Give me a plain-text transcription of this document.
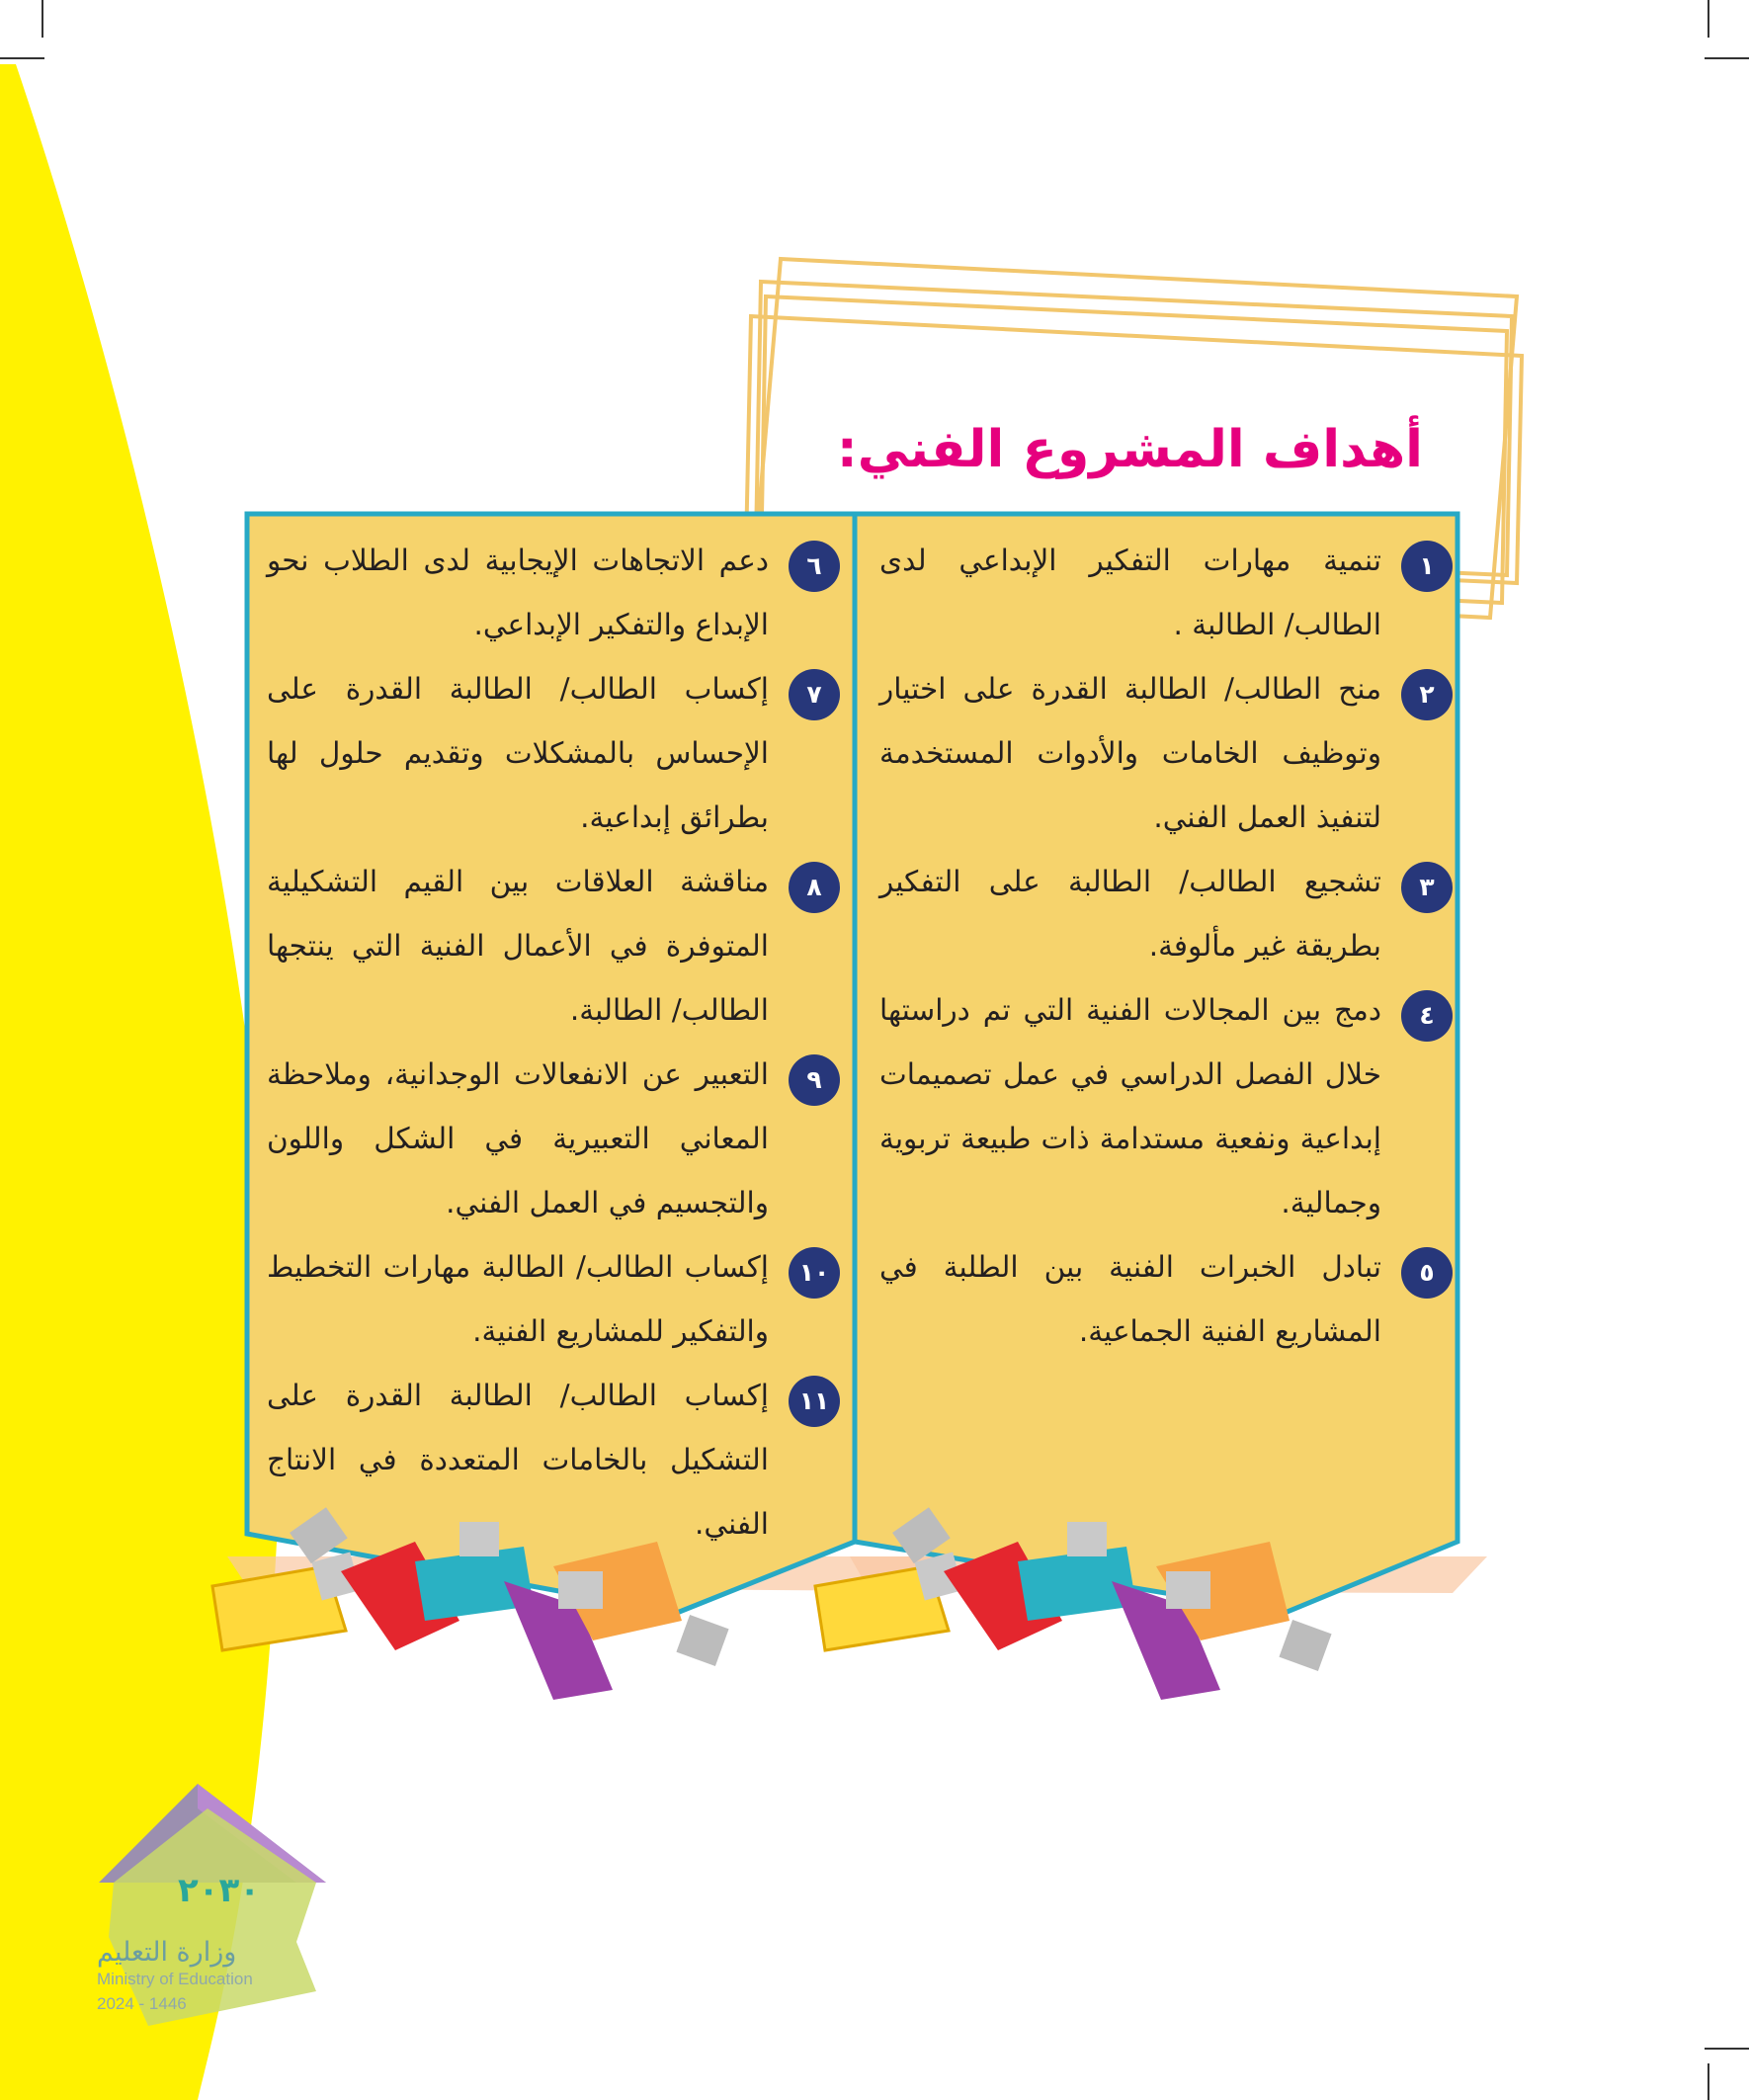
أهداف المشروع الفني:
١
تنمية مهارات التفكير الإبداعي لدى الطالب/ الطالبة .
٢
منح الطالب/ الطالبة القدرة على اختيار وتوظيف الخامات والأدوات المستخدمة لتنفيذ العمل الفني.
٣
تشجيع الطالب/ الطالبة على التفكير بطريقة غير مألوفة.
٤
دمج بين المجالات الفنية التي تم دراستها خلال الفصل الدراسي في عمل تصميمات إبداعية ونفعية مستدامة ذات طبيعة تربوية وجمالية.
٥
تبادل الخبرات الفنية بين الطلبة في المشاريع الفنية الجماعية.
٦
دعم الاتجاهات الإيجابية لدى الطلاب نحو الإبداع والتفكير الإبداعي.
٧
إكساب الطالب/ الطالبة القدرة على الإحساس بالمشكلات وتقديم حلول لها بطرائق إبداعية.
٨
مناقشة العلاقات بين القيم التشكيلية المتوفرة في الأعمال الفنية التي ينتجها الطالب/ الطالبة.
٩
التعبير عن الانفعالات الوجدانية، وملاحظة المعاني التعبيرية في الشكل واللون والتجسيم في العمل الفني.
١٠
إكساب الطالب/ الطالبة مهارات التخطيط والتفكير للمشاريع الفنية.
١١
إكساب الطالب/ الطالبة القدرة على التشكيل بالخامات المتعددة في الانتاج الفني.
٢٠٣٠
وزارة التعليم
Ministry of Education
2024 - 1446
